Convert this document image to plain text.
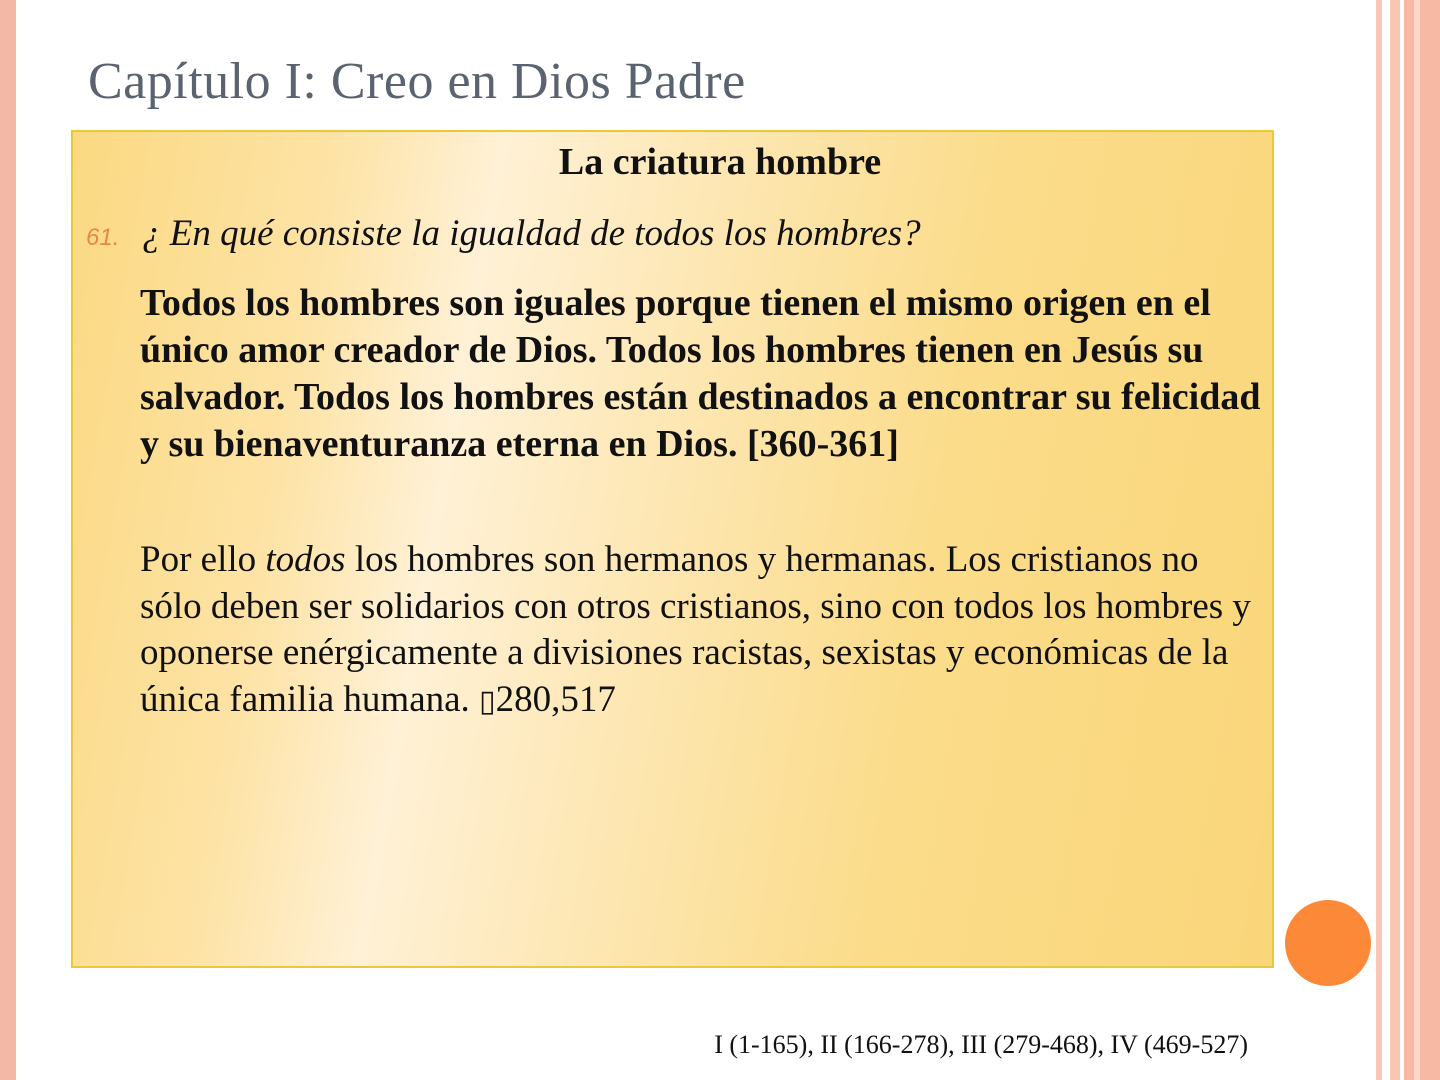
Capítulo I: Creo en Dios Padre
La criatura hombre
61. ¿ En qué consiste la igualdad de todos los hombres?

Todos los hombres son iguales porque tienen el mismo origen en el único amor creador de Dios. Todos los hombres tienen en Jesús su salvador. Todos los hombres están destinados a encontrar su felicidad y su bienaventuranza eterna en Dios. [360-361]

Por ello todos los hombres son hermanos y hermanas. Los cristianos no sólo deben ser solidarios con otros cristianos, sino con todos los hombres y oponerse enérgicamente a divisiones racistas, sexistas y económicas de la única familia humana. ▯280,517

I (1-165), II (166-278), III (279-468), IV (469-527)
